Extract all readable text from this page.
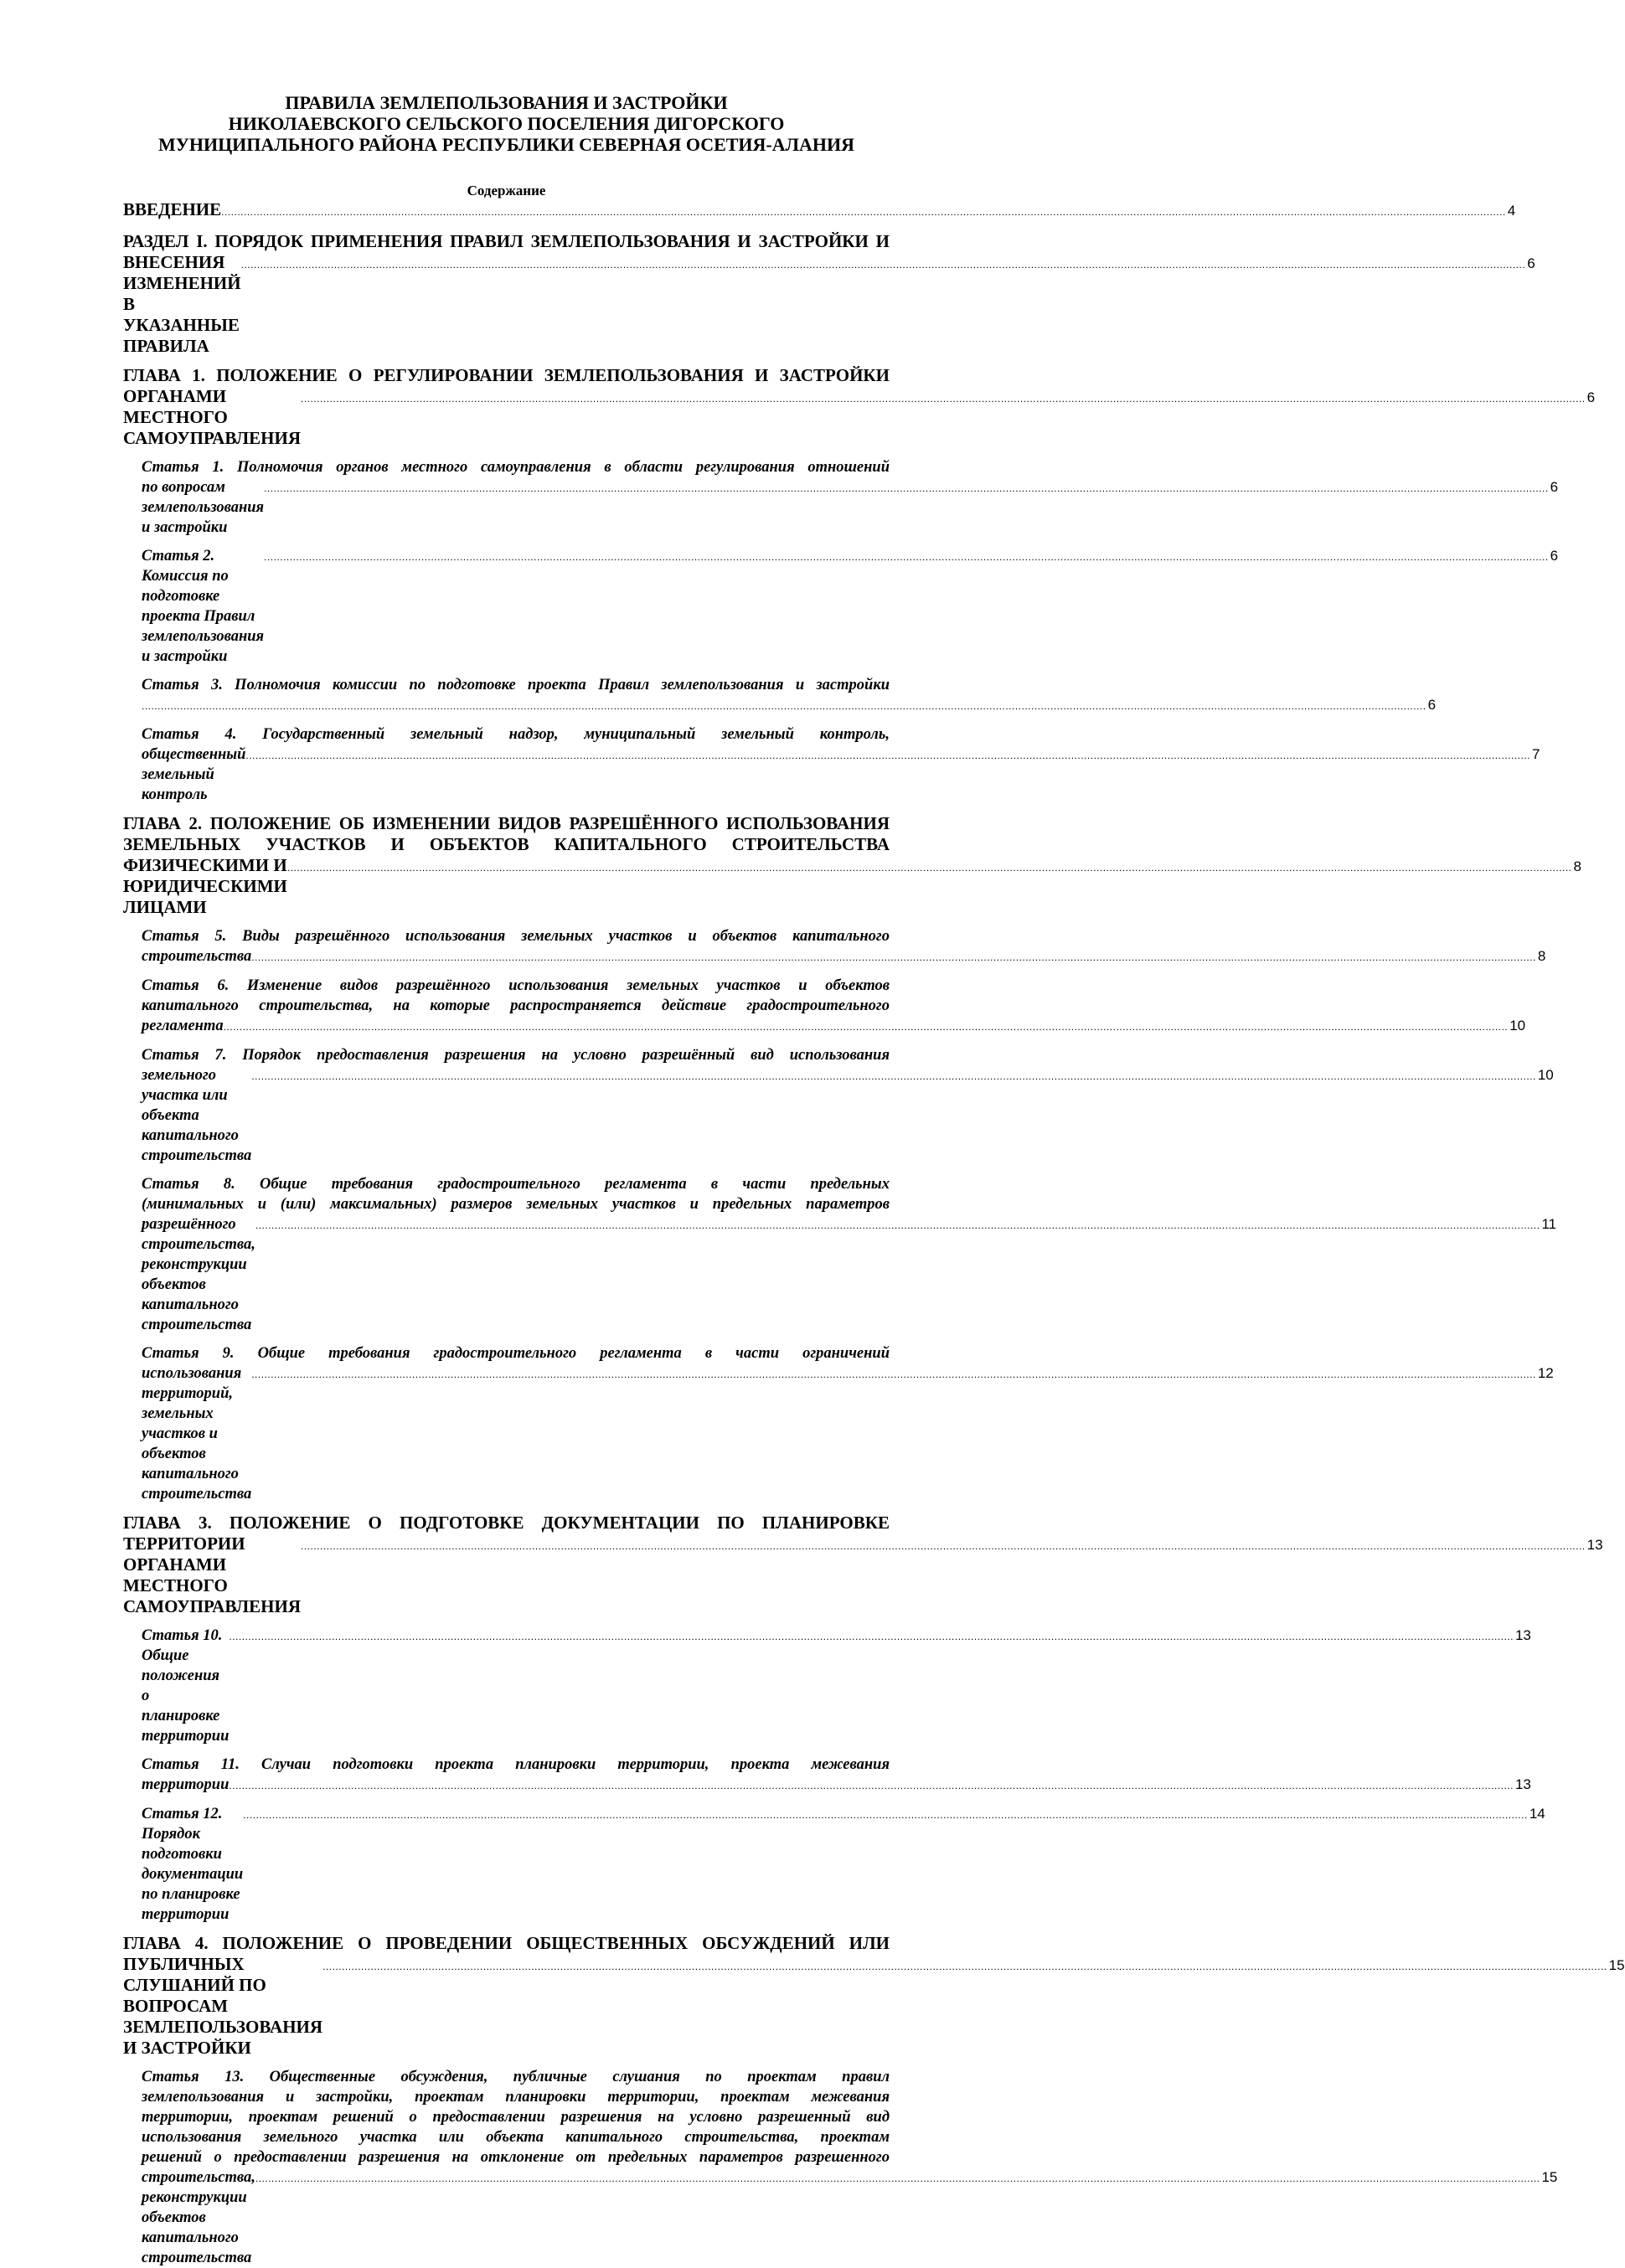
ПРАВИЛА ЗЕМЛЕПОЛЬЗОВАНИЯ И ЗАСТРОЙКИ
НИКОЛАЕВСКОГО СЕЛЬСКОГО ПОСЕЛЕНИЯ ДИГОРСКОГО
МУНИЦИПАЛЬНОГО РАЙОНА РЕСПУБЛИКИ СЕВЕРНАЯ ОСЕТИЯ-АЛАНИЯ
Содержание
ВВЕДЕНИЕ ................................................................................................................................................................................................................................................................................................................................................................................................................ 4
РАЗДЕЛ I. ПОРЯДОК ПРИМЕНЕНИЯ ПРАВИЛ ЗЕМЛЕПОЛЬЗОВАНИЯ И ЗАСТРОЙКИ И
ВНЕСЕНИЯ ИЗМЕНЕНИЙ В УКАЗАННЫЕ ПРАВИЛА
................................................................................................................................................................................................................................................................................................................................................................................................................ 6
ГЛАВА 1. ПОЛОЖЕНИЕ О РЕГУЛИРОВАНИИ ЗЕМЛЕПОЛЬЗОВАНИЯ И ЗАСТРОЙКИ
ОРГАНАМИ МЕСТНОГО САМОУПРАВЛЕНИЯ
................................................................................................................................................................................................................................................................................................................................................................................................................ 6
Статья 1. Полномочия органов местного самоуправления в области регулирования отношений
по вопросам землепользования и застройки
................................................................................................................................................................................................................................................................................................................................................................................................................ 6
Статья 2. Комиссия по подготовке проекта Правил землепользования и застройки
................................................................................................................................................................................................................................................................................................................................................................................................................ 6
Статья 3. Полномочия комиссии по подготовке проекта Правил землепользования и застройки
................................................................................................................................................................................................................................................................................................................................................................................................................ 6
Статья 4. Государственный земельный надзор, муниципальный земельный контроль,
общественный земельный контроль
................................................................................................................................................................................................................................................................................................................................................................................................................ 7
ГЛАВА 2. ПОЛОЖЕНИЕ ОБ ИЗМЕНЕНИИ ВИДОВ РАЗРЕШЁННОГО ИСПОЛЬЗОВАНИЯ
ЗЕМЕЛЬНЫХ УЧАСТКОВ И ОБЪЕКТОВ КАПИТАЛЬНОГО СТРОИТЕЛЬСТВА
ФИЗИЧЕСКИМИ И ЮРИДИЧЕСКИМИ ЛИЦАМИ
................................................................................................................................................................................................................................................................................................................................................................................................................ 8
Статья 5. Виды разрешённого использования земельных участков и объектов капитального
строительства ................................................................................................................................................................................................................................................................................................................................................................................................................ 8
Статья 6. Изменение видов разрешённого использования земельных участков и объектов
капитального строительства, на которые распространяется действие градостроительного
регламента ................................................................................................................................................................................................................................................................................................................................................................................................................ 10
Статья 7. Порядок предоставления разрешения на условно разрешённый вид использования
земельного участка или объекта капитального строительства
................................................................................................................................................................................................................................................................................................................................................................................................................ 10
Статья 8. Общие требования градостроительного регламента в части предельных
(минимальных и (или) максимальных) размеров земельных участков и предельных параметров
разрешённого строительства, реконструкции объектов капитального строительства
................................................................................................................................................................................................................................................................................................................................................................................................................ 11
Статья 9. Общие требования градостроительного регламента в части ограничений
использования территорий, земельных участков и объектов капитального строительства
................................................................................................................................................................................................................................................................................................................................................................................................................ 12
ГЛАВА 3. ПОЛОЖЕНИЕ О ПОДГОТОВКЕ ДОКУМЕНТАЦИИ ПО ПЛАНИРОВКЕ
ТЕРРИТОРИИ ОРГАНАМИ МЕСТНОГО САМОУПРАВЛЕНИЯ
................................................................................................................................................................................................................................................................................................................................................................................................................ 13
Статья 10. Общие положения о планировке территории
................................................................................................................................................................................................................................................................................................................................................................................................................ 13
Статья 11. Случаи подготовки проекта планировки территории, проекта межевания
территории ................................................................................................................................................................................................................................................................................................................................................................................................................ 13
Статья 12. Порядок подготовки документации по планировке территории
................................................................................................................................................................................................................................................................................................................................................................................................................ 14
ГЛАВА 4. ПОЛОЖЕНИЕ О ПРОВЕДЕНИИ ОБЩЕСТВЕННЫХ ОБСУЖДЕНИЙ ИЛИ
ПУБЛИЧНЫХ СЛУШАНИЙ ПО ВОПРОСАМ ЗЕМЛЕПОЛЬЗОВАНИЯ И ЗАСТРОЙКИ
................................................................................................................................................................................................................................................................................................................................................................................................................ 15
Статья 13. Общественные обсуждения, публичные слушания по проектам правил
землепользования и застройки, проектам планировки территории, проектам межевания
территории, проектам решений о предоставлении разрешения на условно разрешенный вид
использования земельного участка или объекта капитального строительства, проектам
решений о предоставлении разрешения на отклонение от предельных параметров разрешенного
строительства, реконструкции объектов капитального строительства
................................................................................................................................................................................................................................................................................................................................................................................................................ 15
